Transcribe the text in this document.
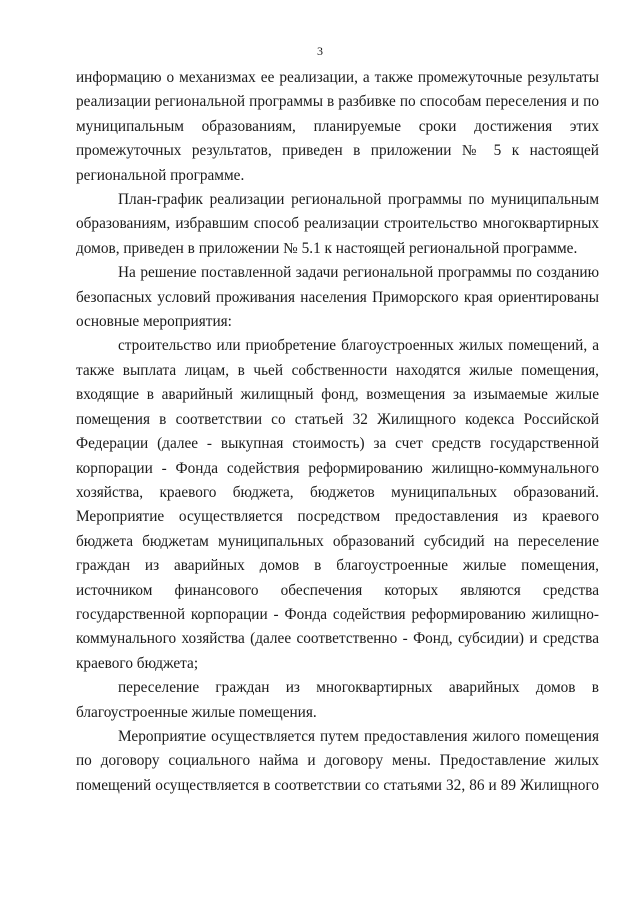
3
информацию о механизмах ее реализации, а также промежуточные результаты
реализации региональной программы в разбивке по способам переселения и по
муниципальным образованиям, планируемые сроки достижения этих
промежуточных результатов, приведен в приложении № 5 к настоящей
региональной программе.
План-график реализации региональной программы по муниципальным
образованиям, избравшим способ реализации строительство многоквартирных
домов, приведен в приложении № 5.1 к настоящей региональной программе.
На решение поставленной задачи региональной программы по созданию
безопасных условий проживания населения Приморского края ориентированы
основные мероприятия:
строительство или приобретение благоустроенных жилых помещений, а
также выплата лицам, в чьей собственности находятся жилые помещения,
входящие в аварийный жилищный фонд, возмещения за изымаемые жилые
помещения в соответствии со статьей 32 Жилищного кодекса Российской
Федерации (далее - выкупная стоимость) за счет средств государственной
корпорации - Фонда содействия реформированию жилищно-коммунального
хозяйства, краевого бюджета, бюджетов муниципальных образований.
Мероприятие осуществляется посредством предоставления из краевого
бюджета бюджетам муниципальных образований субсидий на переселение
граждан из аварийных домов в благоустроенные жилые помещения,
источником финансового обеспечения которых являются средства
государственной корпорации - Фонда содействия реформированию жилищно-
коммунального хозяйства (далее соответственно - Фонд, субсидии) и средства
краевого бюджета;
переселение граждан из многоквартирных аварийных домов в
благоустроенные жилые помещения.
Мероприятие осуществляется путем предоставления жилого помещения
по договору социального найма и договору мены. Предоставление жилых
помещений осуществляется в соответствии со статьями 32, 86 и 89 Жилищного
